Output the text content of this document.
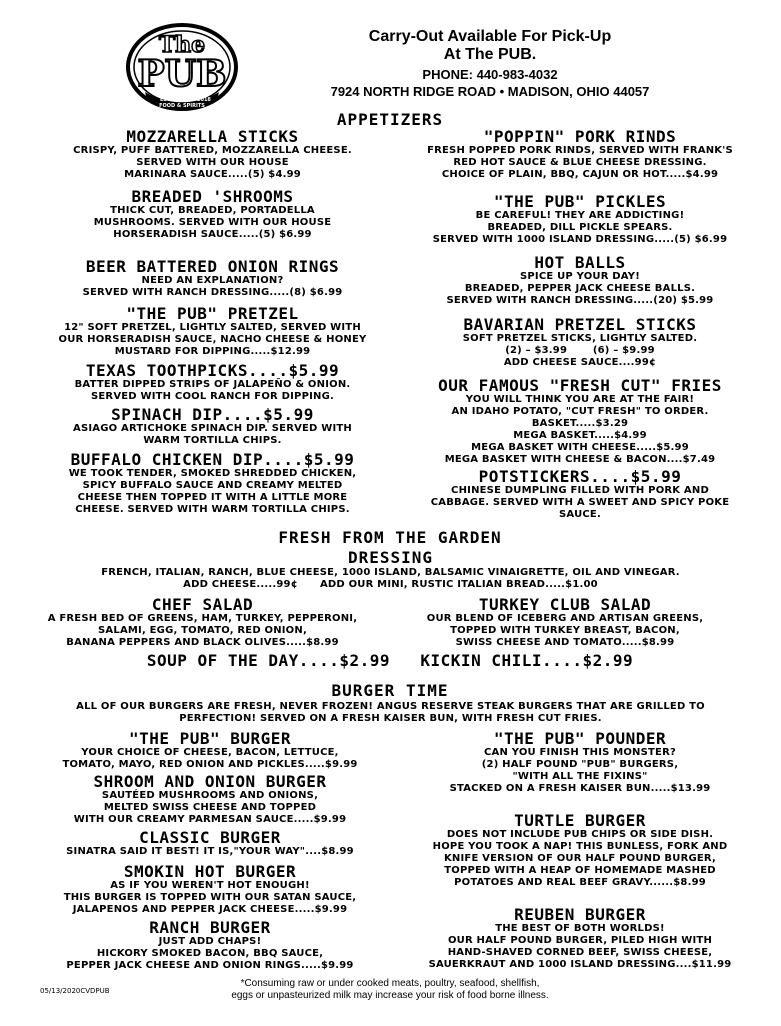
The
PUB
EST.	2018
FOOD & SPIRITS
Carry-Out Available For Pick-Up
At The PUB.
PHONE: 440-983-4032
7924 NORTH RIDGE ROAD • MADISON, OHIO 44057
APPETIZERS
MOZZARELLA STICKS
CRISPY, PUFF BATTERED, MOZZARELLA CHEESE.
SERVED WITH OUR HOUSE
MARINARA SAUCE.....(5) $4.99
BREADED 'SHROOMS
THICK CUT, BREADED, PORTADELLA
MUSHROOMS. SERVED WITH OUR HOUSE
HORSERADISH SAUCE.....(5) $6.99
BEER BATTERED ONION RINGS
NEED AN EXPLANATION?
SERVED WITH RANCH DRESSING.....(8) $6.99
"THE PUB" PRETZEL
12" SOFT PRETZEL, LIGHTLY SALTED, SERVED WITH
OUR HORSERADISH SAUCE, NACHO CHEESE & HONEY
MUSTARD FOR DIPPING.....$12.99
TEXAS TOOTHPICKS....$5.99
BATTER DIPPED STRIPS OF JALAPEÑO & ONION.
SERVED WITH COOL RANCH FOR DIPPING.
SPINACH DIP....$5.99
ASIAGO ARTICHOKE SPINACH DIP. SERVED WITH
WARM TORTILLA CHIPS.
BUFFALO CHICKEN DIP....$5.99
WE TOOK TENDER, SMOKED SHREDDED CHICKEN,
SPICY BUFFALO SAUCE AND CREAMY MELTED
CHEESE THEN TOPPED IT WITH A LITTLE MORE
CHEESE. SERVED WITH WARM TORTILLA CHIPS.
"POPPIN" PORK RINDS
FRESH POPPED PORK RINDS, SERVED WITH FRANK'S
RED HOT SAUCE & BLUE CHEESE DRESSING.
CHOICE OF PLAIN, BBQ, CAJUN OR HOT.....$4.99
"THE PUB" PICKLES
BE CAREFUL! THEY ARE ADDICTING!
BREADED, DILL PICKLE SPEARS.
SERVED WITH 1000 ISLAND DRESSING.....(5) $6.99
HOT BALLS
SPICE UP YOUR DAY!
BREADED, PEPPER JACK CHEESE BALLS.
SERVED WITH RANCH DRESSING.....(20) $5.99
BAVARIAN PRETZEL STICKS
SOFT PRETZEL STICKS, LIGHTLY SALTED.
(2) – $3.99       (6) – $9.99
ADD CHEESE SAUCE....99¢
OUR FAMOUS "FRESH CUT" FRIES
YOU WILL THINK YOU ARE AT THE FAIR!
AN IDAHO POTATO, "CUT FRESH" TO ORDER.
BASKET.....$3.29
MEGA BASKET.....$4.99
MEGA BASKET WITH CHEESE.....$5.99
MEGA BASKET WITH CHEESE & BACON....$7.49
POTSTICKERS....$5.99
CHINESE DUMPLING FILLED WITH PORK AND
CABBAGE. SERVED WITH A SWEET AND SPICY POKE
SAUCE.
FRESH FROM THE GARDEN
DRESSING
FRENCH, ITALIAN, RANCH, BLUE CHEESE, 1000 ISLAND, BALSAMIC VINAIGRETTE, OIL AND VINEGAR.
ADD CHEESE.....99¢      ADD OUR MINI, RUSTIC ITALIAN BREAD.....$1.00
CHEF SALAD
A FRESH BED OF GREENS, HAM, TURKEY, PEPPERONI,
SALAMI, EGG, TOMATO, RED ONION,
BANANA PEPPERS AND BLACK OLIVES.....$8.99
TURKEY CLUB SALAD
OUR BLEND OF ICEBERG AND ARTISAN GREENS,
TOPPED WITH TURKEY BREAST, BACON,
SWISS CHEESE AND TOMATO.....$8.99
SOUP OF THE DAY....$2.99   KICKIN CHILI....$2.99
BURGER TIME
ALL OF OUR BURGERS ARE FRESH, NEVER FROZEN! ANGUS RESERVE STEAK BURGERS THAT ARE GRILLED TO
PERFECTION! SERVED ON A FRESH KAISER BUN, WITH FRESH CUT FRIES.
"THE PUB" BURGER
YOUR CHOICE OF CHEESE, BACON, LETTUCE,
TOMATO, MAYO, RED ONION AND PICKLES.....$9.99
SHROOM AND ONION BURGER
SAUTÉED MUSHROOMS AND ONIONS,
MELTED SWISS CHEESE AND TOPPED
WITH OUR CREAMY PARMESAN SAUCE.....$9.99
CLASSIC BURGER
SINATRA SAID IT BEST! IT IS,"YOUR WAY"....$8.99
SMOKIN HOT BURGER
AS IF YOU WEREN'T HOT ENOUGH!
THIS BURGER IS TOPPED WITH OUR SATAN SAUCE,
JALAPENOS AND PEPPER JACK CHEESE.....$9.99
RANCH BURGER
JUST ADD CHAPS!
HICKORY SMOKED BACON, BBQ SAUCE,
PEPPER JACK CHEESE AND ONION RINGS.....$9.99
"THE PUB" POUNDER
CAN YOU FINISH THIS MONSTER?
(2) HALF POUND "PUB" BURGERS,
"WITH ALL THE FIXINS"
STACKED ON A FRESH KAISER BUN.....$13.99
TURTLE BURGER
DOES NOT INCLUDE PUB CHIPS OR SIDE DISH.
HOPE YOU TOOK A NAP! THIS BUNLESS, FORK AND
KNIFE VERSION OF OUR HALF POUND BURGER,
TOPPED WITH A HEAP OF HOMEMADE MASHED
POTATOES AND REAL BEEF GRAVY......$8.99
REUBEN BURGER
THE BEST OF BOTH WORLDS!
OUR HALF POUND BURGER, PILED HIGH WITH
HAND-SHAVED CORNED BEEF, SWISS CHEESE,
SAUERKRAUT AND 1000 ISLAND DRESSING....$11.99
05/13/2020CVDPUB
*Consuming raw or under cooked meats, poultry, seafood, shellfish,
eggs or unpasteurized milk may increase your risk of food borne illness.
